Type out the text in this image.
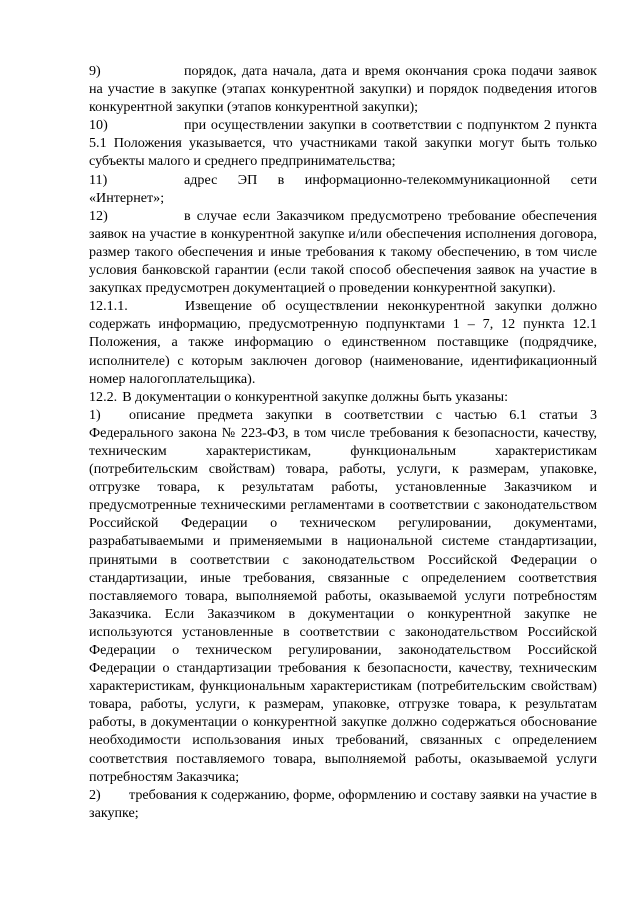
9)	порядок, дата начала, дата и время окончания срока подачи заявок на участие в закупке (этапах конкурентной закупки) и порядок подведения итогов конкурентной закупки (этапов конкурентной закупки);

10)	при осуществлении закупки в соответствии с подпунктом 2 пункта 5.1 Положения указывается, что участниками такой закупки могут быть только субъекты малого и среднего предпринимательства;

11)	адрес ЭП в информационно-телекоммуникационной сети «Интернет»;

12)	в случае если Заказчиком предусмотрено требование обеспечения заявок на участие в конкурентной закупке и/или обеспечения исполнения договора, размер такого обеспечения и иные требования к такому обеспечению, в том числе условия банковской гарантии (если такой способ обеспечения заявок на участие в закупках предусмотрен документацией о проведении конкурентной закупки).

12.1.1.	Извещение об осуществлении неконкурентной закупки должно содержать информацию, предусмотренную подпунктами 1 – 7, 12 пункта 12.1 Положения, а также информацию о единственном поставщике (подрядчике, исполнителе) с которым заключен договор (наименование, идентификационный номер налогоплательщика).

12.2. В документации о конкурентной закупке должны быть указаны:

1) описание предмета закупки в соответствии с частью 6.1 статьи 3 Федерального закона № 223-ФЗ, в том числе требования к безопасности, качеству, техническим характеристикам, функциональным характеристикам (потребительским свойствам) товара, работы, услуги, к размерам, упаковке, отгрузке товара, к результатам работы, установленные Заказчиком и предусмотренные техническими регламентами в соответствии с законодательством Российской Федерации о техническом регулировании, документами, разрабатываемыми и применяемыми в национальной системе стандартизации, принятыми в соответствии с законодательством Российской Федерации о стандартизации, иные требования, связанные с определением соответствия поставляемого товара, выполняемой работы, оказываемой услуги потребностям Заказчика. Если Заказчиком в документации о конкурентной закупке не используются установленные в соответствии с законодательством Российской Федерации о техническом регулировании, законодательством Российской Федерации о стандартизации требования к безопасности, качеству, техническим характеристикам, функциональным характеристикам (потребительским свойствам) товара, работы, услуги, к размерам, упаковке, отгрузке товара, к результатам работы, в документации о конкурентной закупке должно содержаться обоснование необходимости использования иных требований, связанных с определением соответствия поставляемого товара, выполняемой работы, оказываемой услуги потребностям Заказчика;

2) требования к содержанию, форме, оформлению и составу заявки на участие в закупке;
